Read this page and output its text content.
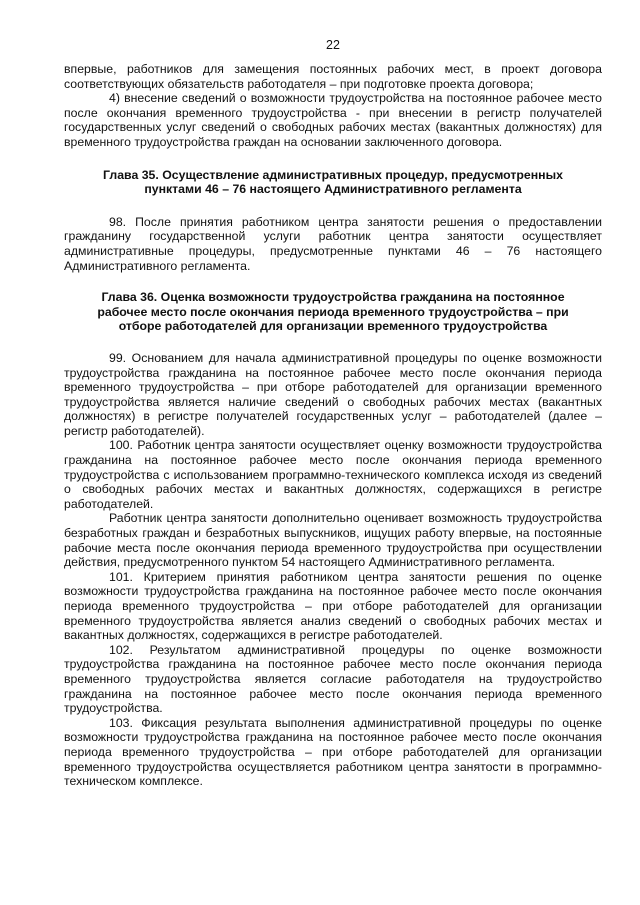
22

впервые, работников для замещения постоянных рабочих мест, в проект договора соответствующих обязательств работодателя – при подготовке проекта договора;

4) внесение сведений о возможности трудоустройства на постоянное рабочее место после окончания временного трудоустройства - при внесении в регистр получателей государственных услуг сведений о свободных рабочих местах (вакантных должностях) для временного трудоустройства граждан на основании заключенного договора.

Глава 35. Осуществление административных процедур, предусмотренных
пунктами 46 – 76 настоящего Административного регламента

98. После принятия работником центра занятости решения о предоставлении гражданину государственной услуги работник центра занятости осуществляет административные процедуры, предусмотренные пунктами 46 – 76 настоящего Административного регламента.

Глава 36. Оценка возможности трудоустройства гражданина на постоянное
рабочее место после окончания периода временного трудоустройства – при
отборе работодателей для организации временного трудоустройства

99. Основанием для начала административной процедуры по оценке возможности трудоустройства гражданина на постоянное рабочее место после окончания периода временного трудоустройства – при отборе работодателей для организации временного трудоустройства является наличие сведений о свободных рабочих местах (вакантных должностях) в регистре получателей государственных услуг – работодателей (далее – регистр работодателей).

100. Работник центра занятости осуществляет оценку возможности трудоустройства гражданина на постоянное рабочее место после окончания периода временного трудоустройства с использованием программно-технического комплекса исходя из сведений о свободных рабочих местах и вакантных должностях, содержащихся в регистре работодателей.

Работник центра занятости дополнительно оценивает возможность трудоустройства безработных граждан и безработных выпускников, ищущих работу впервые, на постоянные рабочие места после окончания периода временного трудоустройства при осуществлении действия, предусмотренного пунктом 54 настоящего Административного регламента.

101. Критерием принятия работником центра занятости решения по оценке возможности трудоустройства гражданина на постоянное рабочее место после окончания периода временного трудоустройства – при отборе работодателей для организации временного трудоустройства является анализ сведений о свободных рабочих местах и вакантных должностях, содержащихся в регистре работодателей.

102. Результатом административной процедуры по оценке возможности трудоустройства гражданина на постоянное рабочее место после окончания периода временного трудоустройства является согласие работодателя на трудоустройство гражданина на постоянное рабочее место после окончания периода временного трудоустройства.

103. Фиксация результата выполнения административной процедуры по оценке возможности трудоустройства гражданина на постоянное рабочее место после окончания периода временного трудоустройства – при отборе работодателей для организации временного трудоустройства осуществляется работником центра занятости в программно-техническом комплексе.
